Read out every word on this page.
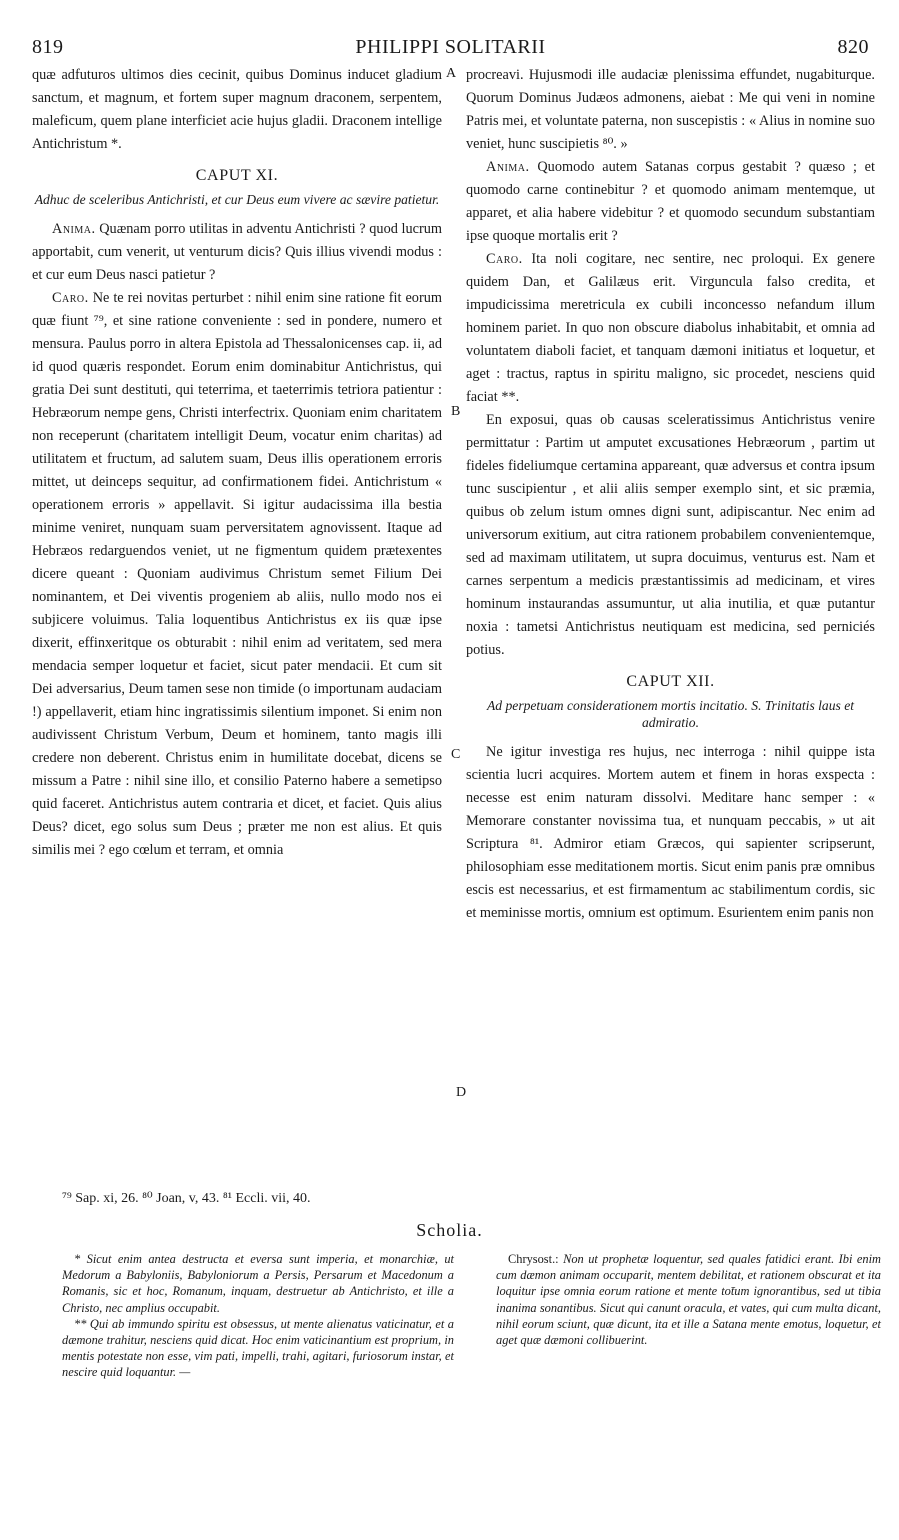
819	PHILIPPI SOLITARII	820
A
B
C
D

quæ adfuturos ultimos dies cecinit, quibus Dominus inducet gladium sanctum, et magnum, et fortem super magnum draconem, serpentem, maleficum, quem plane interficiet acie hujus gladii. Draconem intellige Antichristum *.

CAPUT XI.
Adhuc de sceleribus Antichristi, et cur Deus eum vivere ac sævire patietur.

Anima. Quænam porro utilitas in adventu Antichristi ? quod lucrum apportabit, cum venerit, ut venturum dicis? Quis illius vivendi modus : et cur eum Deus nasci patietur ?

Caro. Ne te rei novitas perturbet : nihil enim sine ratione fit eorum quæ fiunt ⁷⁹, et sine ratione conveniente : sed in pondere, numero et mensura. Paulus porro in altera Epistola ad Thessalonicenses cap. ii, ad id quod quæris respondet. Eorum enim dominabitur Antichristus, qui gratia Dei sunt destituti, qui teterrima, et taeterrimis tetriora patientur : Hebræorum nempe gens, Christi interfectrix. Quoniam enim charitatem non receperunt (charitatem intelligit Deum, vocatur enim charitas) ad utilitatem et fructum, ad salutem suam, Deus illis operationem erroris mittet, ut deinceps sequitur, ad confirmationem fidei. Antichristum « operationem erroris » appellavit. Si igitur audacissima illa bestia minime veniret, nunquam suam perversitatem agnovissent. Itaque ad Hebræos redarguendos veniet, ut ne figmentum quidem prætexentes dicere queant : Quoniam audivimus Christum semet Filium Dei nominantem, et Dei viventis progeniem ab aliis, nullo modo nos ei subjicere voluimus. Talia loquentibus Antichristus ex iis quæ ipse dixerit, effinxeritque os obturabit : nihil enim ad veritatem, sed mera mendacia semper loquetur et faciet, sicut pater mendacii. Et cum sit Dei adversarius, Deum tamen sese non timide (o importunam audaciam !) appellaverit, etiam hinc ingratissimis silentium imponet. Si enim non audivissent Christum Verbum, Deum et hominem, tanto magis illi credere non deberent. Christus enim in humilitate docebat, dicens se missum a Patre : nihil sine illo, et consilio Paterno habere a semetipso quid faceret. Antichristus autem contraria et dicet, et faciet. Quis alius Deus? dicet, ego solus sum Deus ; præter me non est alius. Et quis similis mei ? ego cœlum et terram, et omnia

procreavi. Hujusmodi ille audaciæ plenissima effundet, nugabiturque. Quorum Dominus Judæos admonens, aiebat : Me qui veni in nomine Patris mei, et voluntate paterna, non suscepistis : « Alius in nomine suo veniet, hunc suscipietis ⁸⁰. »

Anima. Quomodo autem Satanas corpus gestabit ? quæso ; et quomodo carne continebitur ? et quomodo animam mentemque, ut apparet, et alia habere videbitur ? et quomodo secundum substantiam ipse quoque mortalis erit ?

Caro. Ita noli cogitare, nec sentire, nec proloqui. Ex genere quidem Dan, et Galilæus erit. Virguncula falso credita, et impudicissima meretricula ex cubili inconcesso nefandum illum hominem pariet. In quo non obscure diabolus inhabitabit, et omnia ad voluntatem diaboli faciet, et tanquam dæmoni initiatus et loquetur, et aget : tractus, raptus in spiritu maligno, sic procedet, nesciens quid faciat **.

En exposui, quas ob causas sceleratissimus Antichristus venire permittatur : Partim ut amputet excusationes Hebræorum , partim ut fideles fideliumque certamina appareant, quæ adversus et contra ipsum tunc suscipientur , et alii aliis semper exemplo sint, et sic præmia, quibus ob zelum istum omnes digni sunt, adipiscantur. Nec enim ad universorum exitium, aut citra rationem probabilem convenientemque, sed ad maximam utilitatem, ut supra docuimus, venturus est. Nam et carnes serpentum a medicis præstantissimis ad medicinam, et vires hominum instaurandas assumuntur, ut alia inutilia, et quæ putantur noxia : tametsi Antichristus neutiquam est medicina, sed perniciés potius.

CAPUT XII.
Ad perpetuam considerationem mortis incitatio. S. Trinitatis laus et admiratio.

Ne igitur investiga res hujus, nec interroga : nihil quippe ista scientia lucri acquires. Mortem autem et finem in horas exspecta : necesse est enim naturam dissolvi. Meditare hanc semper : « Memorare constanter novissima tua, et nunquam peccabis, » ut ait Scriptura ⁸¹. Admiror etiam Græcos, qui sapienter scripserunt, philosophiam esse meditationem mortis. Sicut enim panis præ omnibus escis est necessarius, et est firmamentum ac stabilimentum cordis, sic et meminisse mortis, omnium est optimum. Esurientem enim panis non

⁷⁹ Sap. xi, 26. ⁸⁰ Joan, v, 43. ⁸¹ Eccli. vii, 40.
Scholia.

* Sicut enim antea destructa et eversa sunt imperia, et monarchiæ, ut Medorum a Babyloniis, Babyloniorum a Persis, Persarum et Macedonum a Romanis, sic et hoc, Romanum, inquam, destruetur ab Antichristo, et ille a Christo, nec amplius occupabit.

** Qui ab immundo spiritu est obsessus, ut mente alienatus vaticinatur, et a dæmone trahitur, nesciens quid dicat. Hoc enim vaticinantium est proprium, in mentis potestate non esse, vim pati, impelli, trahi, agitari, furiosorum instar, et nescire quid loquantur. —

Chrysost.: Non ut prophetæ loquentur, sed quales fatidici erant. Ibi enim cum dæmon animam occuparit, mentem debilitat, et rationem obscurat et ita loquitur ipse omnia eorum ratione et mente tot̄um ignorantibus, sed ut tibia inanima sonantibus. Sicut qui canunt oracula, et vates, qui cum multa dicant, nihil eorum sciunt, quæ dicunt, ita et ille a Satana mente emotus, loquetur, et aget quæ dæmoni collibuerint.
